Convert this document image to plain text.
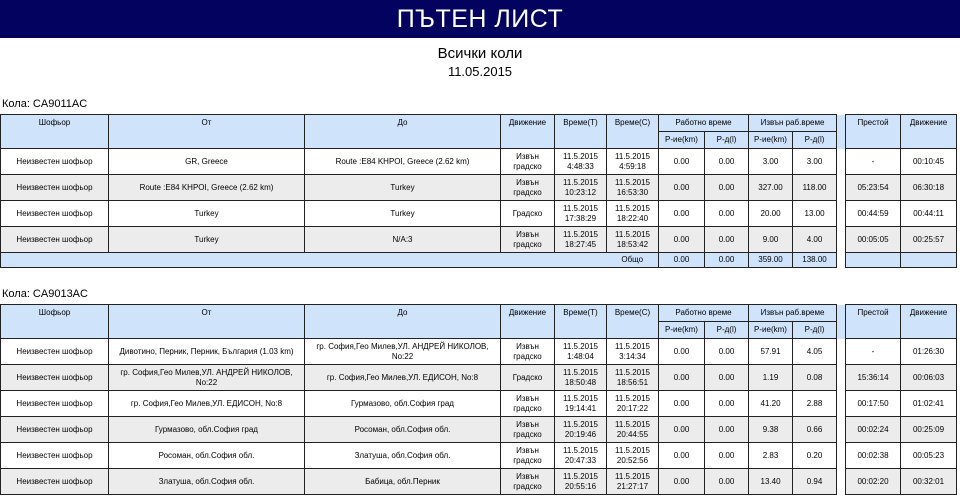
ПЪТЕН ЛИСТ
Всички коли
11.05.2015
Кола: CA9011AC
Шофьор	От	До	Движение	Време(Т)	Време(С)	Работно време		Извън раб.време			Престой	Движение
						Р-ие(km)	Р-д(l)	Р-ие(km)	Р-д(l)			
Неизвестен шофьор	GR, Greece	Route :E84 KHPOI, Greece (2.62 km)	Извън
градско	11.5.2015
4:48:33	11.5.2015
4:59:18	0.00	0.00	3.00	3.00		-	00:10:45
Неизвестен шофьор	Route :E84 KHPOI, Greece (2.62 km)	Turkey	Извън
градско	11.5.2015
10:23:12	11.5.2015
16:53:30	0.00	0.00	327.00	118.00		05:23:54	06:30:18
Неизвестен шофьор	Turkey	Turkey	Градско	11.5.2015
17:38:29	11.5.2015
18:22:40	0.00	0.00	20.00	13.00		00:44:59	00:44:11
Неизвестен шофьор	Turkey	N/A:3	Извън
градско	11.5.2015
18:27:45	11.5.2015
18:53:42	0.00	0.00	9.00	4.00		00:05:05	00:25:57
					Общо	0.00	0.00	359.00	138.00			
Кола: CA9013AC
Шофьор	От	До	Движение	Време(Т)	Време(С)	Работно време		Извън раб.време			Престой	Движение
						Р-ие(km)	Р-д(l)	Р-ие(km)	Р-д(l)			
Неизвестен шофьор	Дивотино, Перник, Перник, България (1.03 km)	гр. София,Гео Милев,УЛ. АНДРЕЙ НИКОЛОВ, No:22	Извън
градско	11.5.2015
1:48:04	11.5.2015
3:14:34	0.00	0.00	57.91	4.05		-	01:26:30
Неизвестен шофьор	гр. София,Гео Милев,УЛ. АНДРЕЙ НИКОЛОВ, No:22	гр. София,Гео Милев,УЛ. ЕДИСОН, No:8	Градско	11.5.2015
18:50:48	11.5.2015
18:56:51	0.00	0.00	1.19	0.08		15:36:14	00:06:03
Неизвестен шофьор	гр. София,Гео Милев,УЛ. ЕДИСОН, No:8	Гурмазово, обл.София град	Извън
градско	11.5.2015
19:14:41	11.5.2015
20:17:22	0.00	0.00	41.20	2.88		00:17:50	01:02:41
Неизвестен шофьор	Гурмазово, обл.София град	Росоман, обл.София обл.	Извън
градско	11.5.2015
20:19:46	11.5.2015
20:44:55	0.00	0.00	9.38	0.66		00:02:24	00:25:09
Неизвестен шофьор	Росоман, обл.София обл.	Златуша, обл.София обл.	Извън
градско	11.5.2015
20:47:33	11.5.2015
20:52:56	0.00	0.00	2.83	0.20		00:02:38	00:05:23
Неизвестен шофьор	Златуша, обл.София обл.	Бабица, обл.Перник	Извън
градско	11.5.2015
20:55:16	11.5.2015
21:27:17	0.00	0.00	13.40	0.94		00:02:20	00:32:01
